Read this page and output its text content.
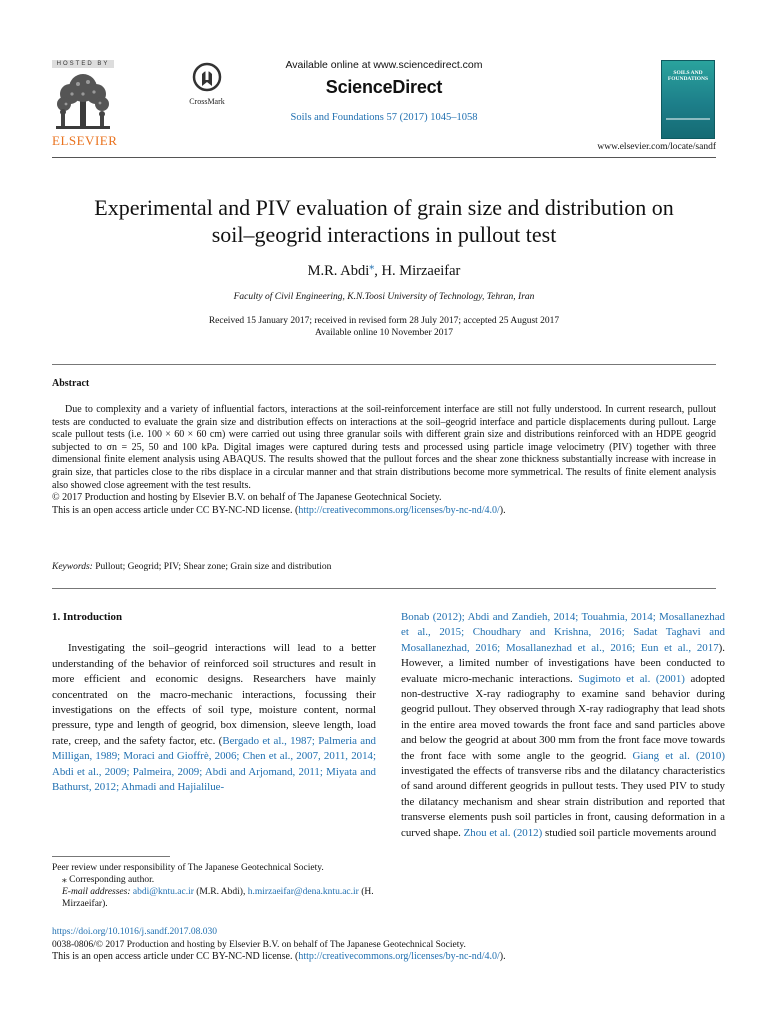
HOSTED BY
ELSEVIER
CrossMark
Available online at www.sciencedirect.com
ScienceDirect
Soils and Foundations 57 (2017) 1045–1058
SOILS AND FOUNDATIONS
www.elsevier.com/locate/sandf
Experimental and PIV evaluation of grain size and distribution on
soil–geogrid interactions in pullout test
M.R. Abdi⁎, H. Mirzaeifar
Faculty of Civil Engineering, K.N.Toosi University of Technology, Tehran, Iran
Received 15 January 2017; received in revised form 28 July 2017; accepted 25 August 2017
Available online 10 November 2017
Abstract

Due to complexity and a variety of influential factors, interactions at the soil-reinforcement interface are still not fully understood. In current research, pullout tests are conducted to evaluate the grain size and distribution effects on interactions at the soil–geogrid interface and particle displacements during pullout. Large scale pullout tests (i.e. 100 × 60 × 60 cm) were carried out using three granular soils with different grain size and distributions reinforced with an HDPE geogrid subjected to σn = 25, 50 and 100 kPa. Digital images were captured during tests and processed using particle image velocimetry (PIV) together with three dimensional finite element analysis using ABAQUS. The results showed that the pullout forces and the shear zone thickness substantially increase with increase in grain size, that particles close to the ribs displace in a circular manner and that strain distributions become more symmetrical. The results of finite element analysis also showed close agreement with the test results.

© 2017 Production and hosting by Elsevier B.V. on behalf of The Japanese Geotechnical Society.
This is an open access article under CC BY-NC-ND license. (http://creativecommons.org/licenses/by-nc-nd/4.0/).
Keywords: Pullout; Geogrid; PIV; Shear zone; Grain size and distribution
1. Introduction

Investigating the soil–geogrid interactions will lead to a better understanding of the behavior of reinforced soil structures and result in more efficient and economic designs. Researchers have mainly concentrated on the macro-mechanic interactions, focussing their investigations on the effects of soil type, moisture content, normal pressure, type and length of geogrid, box dimension, sleeve length, load rate, creep, and the safety factor, etc. (Bergado et al., 1987; Palmeria and Milligan, 1989; Moraci and Gioffrè, 2006; Chen et al., 2007, 2011, 2014; Abdi et al., 2009; Palmeira, 2009; Abdi and Arjomand, 2011; Miyata and Bathurst, 2012; Ahmadi and Hajialilue-

Bonab (2012); Abdi and Zandieh, 2014; Touahmia, 2014; Mosallanezhad et al., 2015; Choudhary and Krishna, 2016; Sadat Taghavi and Mosallanezhad, 2016; Mosallanezhad et al., 2016; Eun et al., 2017). However, a limited number of investigations have been conducted to evaluate micro-mechanic interactions. Sugimoto et al. (2001) adopted non-destructive X-ray radiography to examine sand behavior during geogrid pullout. They observed through X-ray radiography that lead shots in the entire area moved towards the front face and sand particles above and below the geogrid at about 300 mm from the front face move towards the front face with some angle to the geogrid. Giang et al. (2010) investigated the effects of transverse ribs and the dilatancy characteristics of sand around different geogrids in pullout tests. They used PIV to study the dilatancy mechanism and shear strain distribution and reported that transverse elements push soil particles in front, causing deformation in a curved shape. Zhou et al. (2012) studied soil particle movements around

Peer review under responsibility of The Japanese Geotechnical Society.
⁎ Corresponding author.
E-mail addresses: abdi@kntu.ac.ir (M.R. Abdi), h.mirzaeifar@dena.kntu.ac.ir (H. Mirzaeifar).
https://doi.org/10.1016/j.sandf.2017.08.030
0038-0806/© 2017 Production and hosting by Elsevier B.V. on behalf of The Japanese Geotechnical Society.
This is an open access article under CC BY-NC-ND license. (http://creativecommons.org/licenses/by-nc-nd/4.0/).
